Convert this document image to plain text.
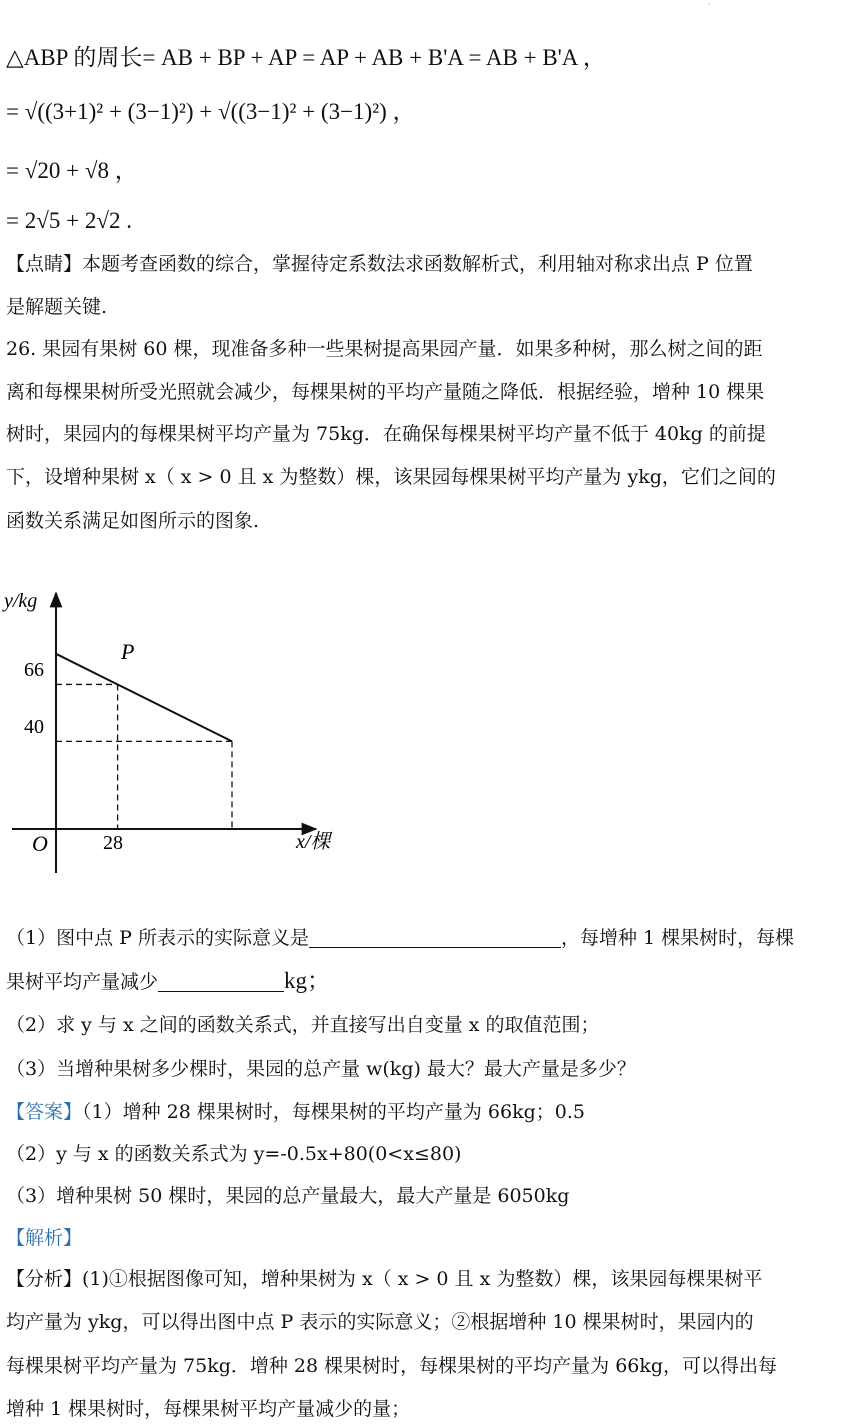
·
△ABP 的周长= AB + BP + AP = AP + AB + B'A = AB + B'A ，
= √((3+1)² + (3−1)²) + √((3−1)² + (3−1)²) ，
= √20 + √8 ，
= 2√5 + 2√2 .
【点睛】本题考查函数的综合，掌握待定系数法求函数解析式，利用轴对称求出点 P 位置
是解题关键.
26. 果园有果树 60 棵，现准备多种一些果树提高果园产量．如果多种树，那么树之间的距
离和每棵果树所受光照就会减少，每棵果树的平均产量随之降低．根据经验，增种 10 棵果
树时，果园内的每棵果树平均产量为 75kg．在确保每棵果树平均产量不低于 40kg 的前提
下，设增种果树 x（ x > 0 且 x 为整数）棵，该果园每棵果树平均产量为 ykg，它们之间的
函数关系满足如图所示的图象.
y/kg
x/棵
O
P
66
40
28
（1）图中点 P 所表示的实际意义是	，每增种 1 棵果树时，每棵
果树平均产量减少	kg；
（2）求 y 与 x 之间的函数关系式，并直接写出自变量 x 的取值范围；
（3）当增种果树多少棵时，果园的总产量 w(kg) 最大？最大产量是多少？
【答案】（1）增种 28 棵果树时，每棵果树的平均产量为 66kg；0.5
（2）y 与 x 的函数关系式为 y=-0.5x+80(0<x≤80)
（3）增种果树 50 棵时，果园的总产量最大，最大产量是 6050kg
【解析】
【分析】(1)①根据图像可知，增种果树为 x（ x > 0 且 x 为整数）棵，该果园每棵果树平
均产量为 ykg，可以得出图中点 P 表示的实际意义；②根据增种 10 棵果树时，果园内的
每棵果树平均产量为 75kg．增种 28 棵果树时，每棵果树的平均产量为 66kg，可以得出每
增种 1 棵果树时，每棵果树平均产量减少的量；
